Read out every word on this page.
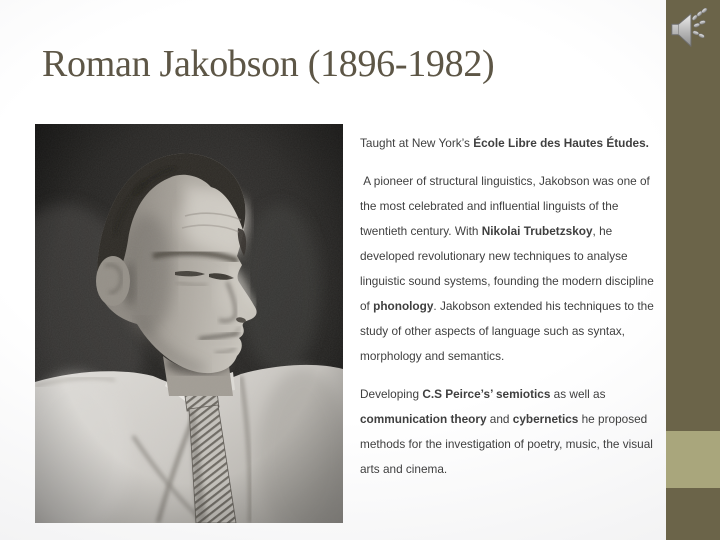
Roman Jakobson (1896-1982)

Taught at New York’s École Libre des Hautes Études.

A pioneer of structural linguistics, Jakobson was one of the most celebrated and influential linguists of the twentieth century. With Nikolai Trubetzskoy, he developed revolutionary new techniques to analyse linguistic sound systems, founding the modern discipline of phonology. Jakobson extended his techniques to the study of other aspects of language such as syntax, morphology and semantics.

Developing C.S Peirce’s’ semiotics as well as communication theory and cybernetics he proposed methods for the investigation of poetry, music, the visual arts and cinema.
